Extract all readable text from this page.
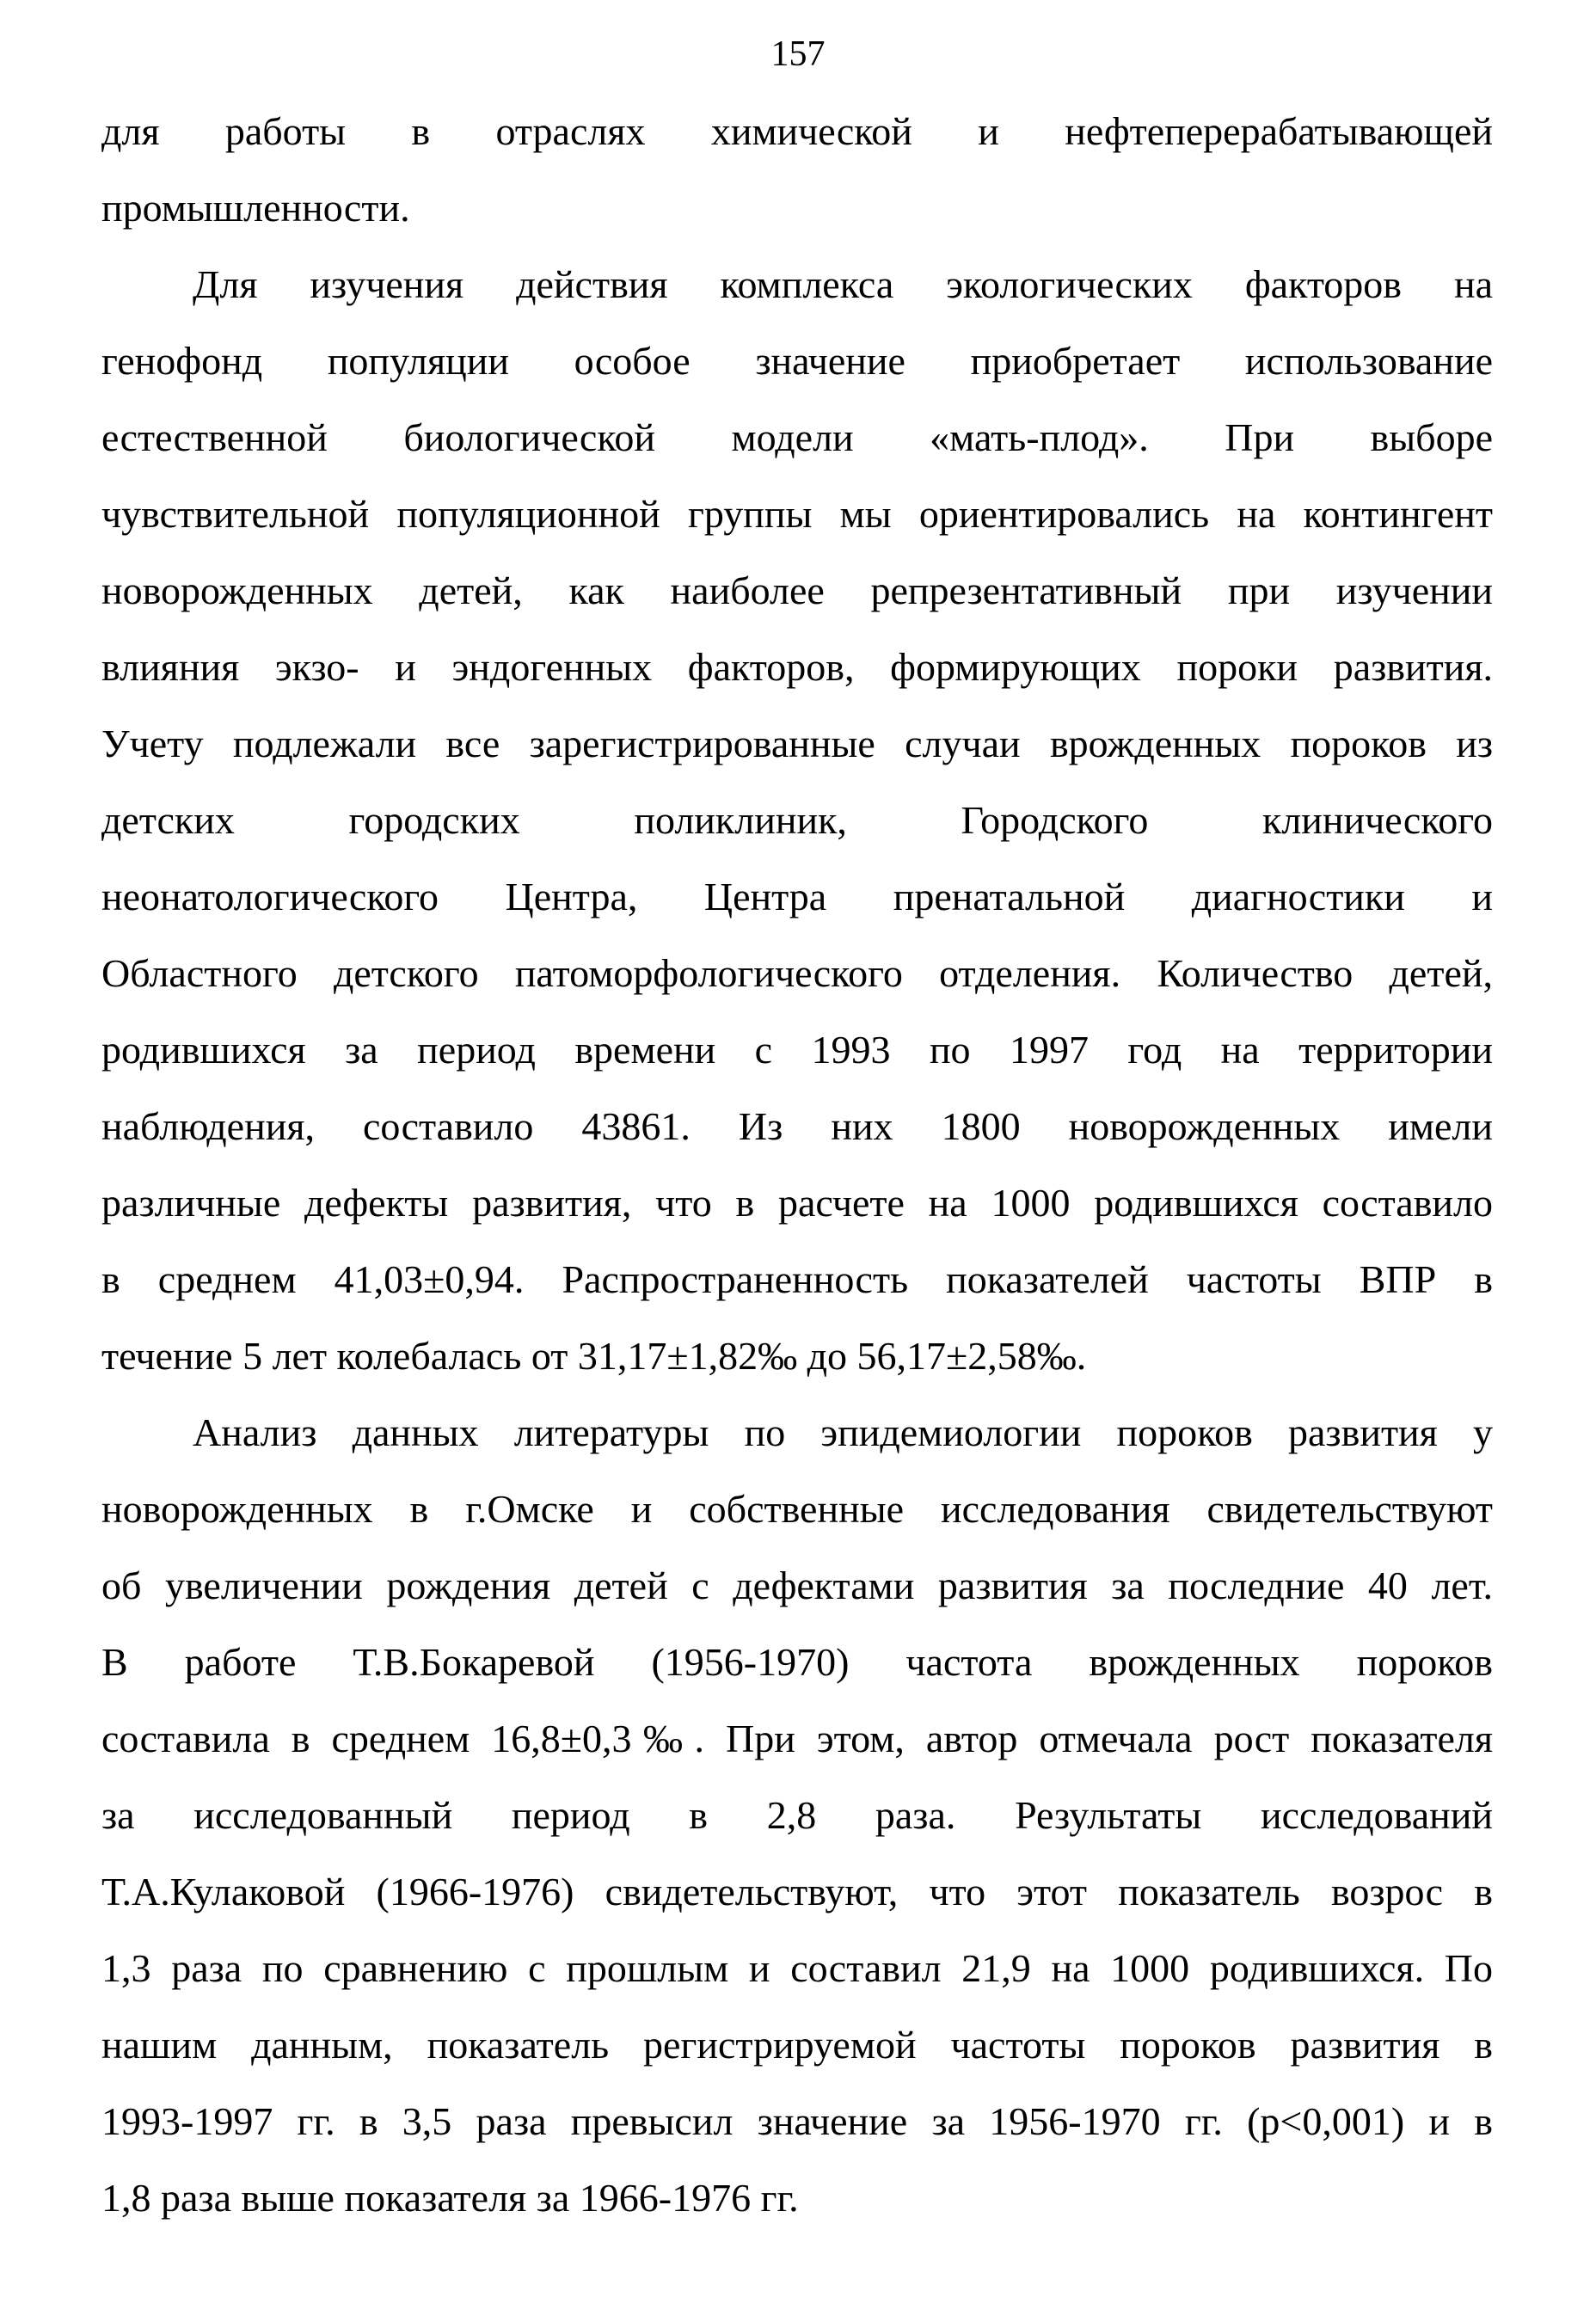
157
для работы в отраслях химической и нефтеперерабатывающей
промышленности.
Для изучения действия комплекса экологических факторов на
генофонд популяции особое значение приобретает использование
естественной биологической модели «мать-плод». При выборе
чувствительной популяционной группы мы ориентировались на контингент
новорожденных детей, как наиболее репрезентативный при изучении
влияния экзо- и эндогенных факторов, формирующих пороки развития.
Учету подлежали все зарегистрированные случаи врожденных пороков из
детских городских поликлиник, Городского клинического
неонатологического Центра, Центра пренатальной диагностики и
Областного детского патоморфологического отделения. Количество детей,
родившихся за период времени с 1993 по 1997 год на территории
наблюдения, составило 43861. Из них 1800 новорожденных имели
различные дефекты развития, что в расчете на 1000 родившихся составило
в среднем 41,03±0,94. Распространенность показателей частоты ВПР в
течение 5 лет колебалась от 31,17±1,82‰ до 56,17±2,58‰.
Анализ данных литературы по эпидемиологии пороков развития у
новорожденных в г.Омске и собственные исследования свидетельствуют
об увеличении рождения детей с дефектами развития за последние 40 лет.
В работе Т.В.Бокаревой (1956-1970) частота врожденных пороков
составила в среднем 16,8±0,3‰. При этом, автор отмечала рост показателя
за исследованный период в 2,8 раза. Результаты исследований
Т.А.Кулаковой (1966-1976) свидетельствуют, что этот показатель возрос в
1,3 раза по сравнению с прошлым и составил 21,9 на 1000 родившихся. По
нашим данным, показатель регистрируемой частоты пороков развития в
1993-1997 гг. в 3,5 раза превысил значение за 1956-1970 гг. (p<0,001) и в
1,8 раза выше показателя за 1966-1976 гг.
